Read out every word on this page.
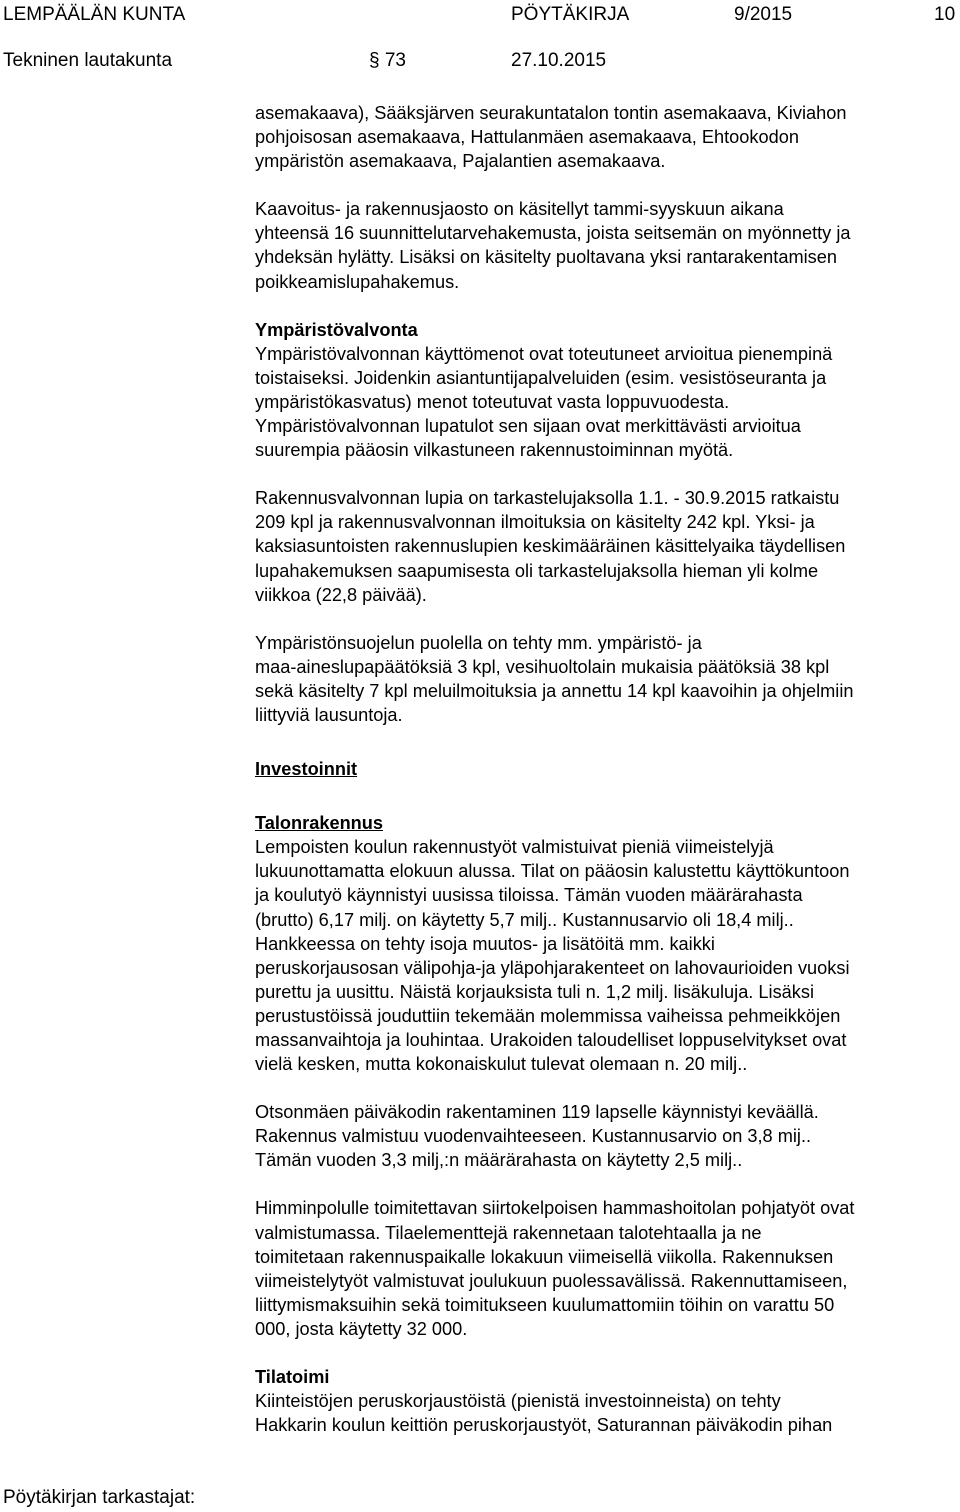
LEMPÄÄLÄN KUNTA	PÖYTÄKIRJA	9/2015	10
Tekninen lautakunta	§ 73	27.10.2015

asemakaava), Sääksjärven seurakuntatalon tontin asemakaava, Kiviahon
pohjoisosan asemakaava, Hattulanmäen asemakaava, Ehtookodon
ympäristön asemakaava, Pajalantien asemakaava.

Kaavoitus- ja rakennusjaosto on käsitellyt tammi-syyskuun aikana
yhteensä 16 suunnittelutarvehakemusta, joista seitsemän on myönnetty ja
yhdeksän hylätty. Lisäksi on käsitelty puoltavana yksi rantarakentamisen
poikkeamislupahakemus.

Ympäristövalvonta
Ympäristövalvonnan käyttömenot ovat toteutuneet arvioitua pienempinä
toistaiseksi. Joidenkin asiantuntijapalveluiden (esim. vesistöseuranta ja
ympäristökasvatus) menot toteutuvat vasta loppuvuodesta.
Ympäristövalvonnan lupatulot sen sijaan ovat merkittävästi arvioitua
suurempia pääosin vilkastuneen rakennustoiminnan myötä.

Rakennusvalvonnan lupia on tarkastelujaksolla 1.1. - 30.9.2015 ratkaistu
209 kpl ja rakennusvalvonnan ilmoituksia on käsitelty 242 kpl. Yksi- ja
kaksiasuntoisten rakennuslupien keskimääräinen käsittelyaika täydellisen
lupahakemuksen saapumisesta oli tarkastelujaksolla hieman yli kolme
viikkoa (22,8 päivää).

Ympäristönsuojelun puolella on tehty mm. ympäristö- ja
maa-aineslupapäätöksiä 3 kpl, vesihuoltolain mukaisia päätöksiä 38 kpl
sekä käsitelty 7 kpl meluilmoituksia ja annettu 14 kpl kaavoihin ja ohjelmiin
liittyviä lausuntoja.

Investoinnit

Talonrakennus
Lempoisten koulun rakennustyöt valmistuivat pieniä viimeistelyjä
lukuunottamatta elokuun alussa. Tilat on pääosin kalustettu käyttökuntoon
ja koulutyö käynnistyi uusissa tiloissa. Tämän vuoden määrärahasta
(brutto) 6,17 milj. on käytetty 5,7 milj.. Kustannusarvio oli 18,4 milj..
Hankkeessa on tehty isoja muutos- ja lisätöitä mm. kaikki
peruskorjausosan välipohja-ja yläpohjarakenteet on lahovaurioiden vuoksi
purettu ja uusittu. Näistä korjauksista tuli n. 1,2 milj. lisäkuluja. Lisäksi
perustustöissä jouduttiin tekemään molemmissa vaiheissa pehmeikköjen
massanvaihtoja ja louhintaa. Urakoiden taloudelliset loppuselvitykset ovat
vielä kesken, mutta kokonaiskulut tulevat olemaan n. 20 milj..

Otsonmäen päiväkodin rakentaminen 119 lapselle käynnistyi keväällä.
Rakennus valmistuu vuodenvaihteeseen. Kustannusarvio on 3,8 mij..
Tämän vuoden 3,3 milj,:n määrärahasta on käytetty 2,5 milj..

Himminpolulle toimitettavan siirtokelpoisen hammashoitolan pohjatyöt ovat
valmistumassa. Tilaelementtejä rakennetaan talotehtaalla ja ne
toimitetaan rakennuspaikalle lokakuun viimeisellä viikolla. Rakennuksen
viimeistelytyöt valmistuvat joulukuun puolessavälissä. Rakennuttamiseen,
liittymismaksuihin sekä toimitukseen kuulumattomiin töihin on varattu 50
000, josta käytetty 32 000.

Tilatoimi
Kiinteistöjen peruskorjaustöistä (pienistä investoinneista) on tehty
Hakkarin koulun keittiön peruskorjaustyöt, Saturannan päiväkodin pihan

Pöytäkirjan tarkastajat:
